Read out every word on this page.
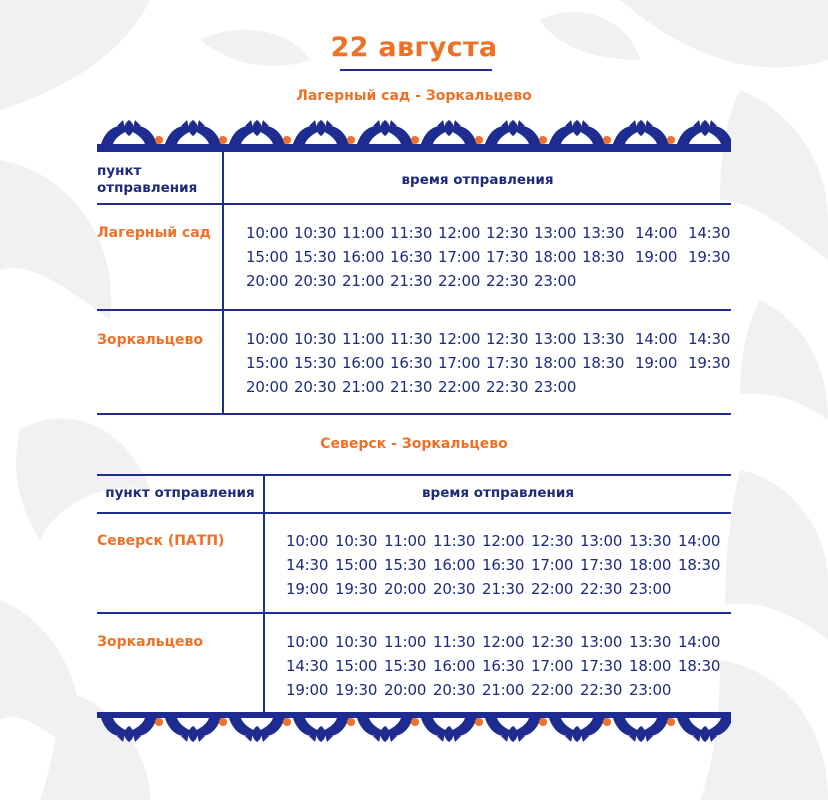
22 августа
Лагерный сад - Зоркальцево
пункт
отправления	время отправления
Лагерный сад 10:00 10:30 11:00 11:30 12:00 12:30 13:00 13:30 14:00 14:30
15:00 15:30 16:00 16:30 17:00 17:30 18:00 18:30 19:00 19:30
20:00 20:30 21:00 21:30 22:00 22:30 23:00
Зоркальцево	10:00 10:30 11:00 11:30 12:00 12:30 13:00 13:30 14:00 14:30
15:00 15:30 16:00 16:30 17:00 17:30 18:00 18:30 19:00 19:30
20:00 20:30 21:00 21:30 22:00 22:30 23:00
Северск - Зоркальцево
пункт отправления	время отправления
Северск (ПАТП)	10:00 10:30 11:00 11:30 12:00 12:30 13:00 13:30 14:00
14:30 15:00 15:30 16:00 16:30 17:00 17:30 18:00 18:30
19:00 19:30 20:00 20:30 21:30 22:00 22:30 23:00
Зоркальцево	10:00 10:30 11:00 11:30 12:00 12:30 13:00 13:30 14:00
14:30 15:00 15:30 16:00 16:30 17:00 17:30 18:00 18:30
19:00 19:30 20:00 20:30 21:00 22:00 22:30 23:00
